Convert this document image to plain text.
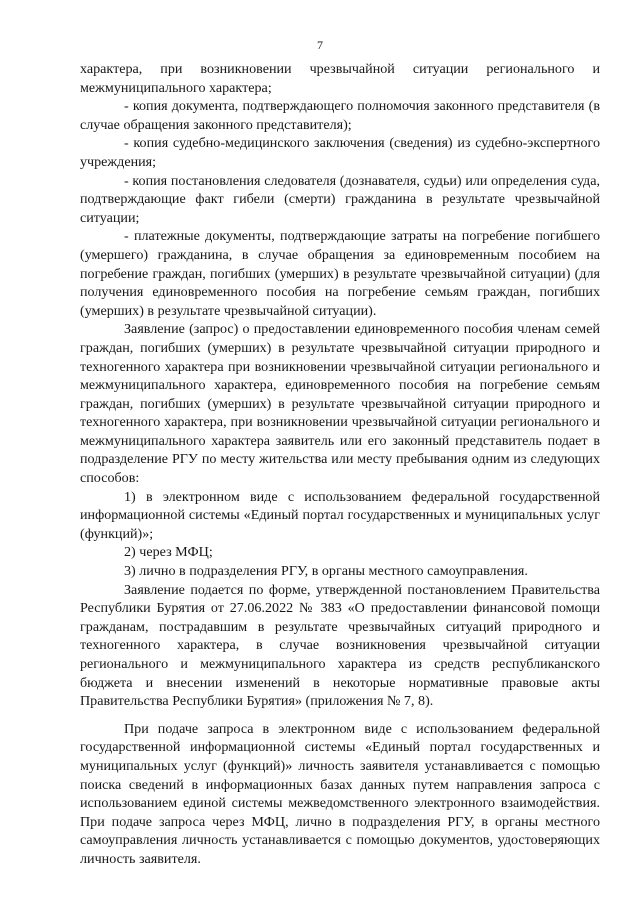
7

характера, при возникновении чрезвычайной ситуации регионального и межмуниципального характера;

- копия документа, подтверждающего полномочия законного представителя (в случае обращения законного представителя);

- копия судебно-медицинского заключения (сведения) из судебно-экспертного учреждения;

- копия постановления следователя (дознавателя, судьи) или определения суда, подтверждающие факт гибели (смерти) гражданина в результате чрезвычайной ситуации;

- платежные документы, подтверждающие затраты на погребение погибшего (умершего) гражданина, в случае обращения за единовременным пособием на погребение граждан, погибших (умерших) в результате чрезвычайной ситуации) (для получения единовременного пособия на погребение семьям граждан, погибших (умерших) в результате чрезвычайной ситуации).

Заявление (запрос) о предоставлении единовременного пособия членам семей граждан, погибших (умерших) в результате чрезвычайной ситуации природного и техногенного характера при возникновении чрезвычайной ситуации регионального и межмуниципального характера, единовременного пособия на погребение семьям граждан, погибших (умерших) в результате чрезвычайной ситуации природного и техногенного характера, при возникновении чрезвычайной ситуации регионального и межмуниципального характера заявитель или его законный представитель подает в подразделение РГУ по месту жительства или месту пребывания одним из следующих способов:

1) в электронном виде с использованием федеральной государственной информационной системы «Единый портал государственных и муниципальных услуг (функций)»;

2) через МФЦ;

3) лично в подразделения РГУ, в органы местного самоуправления.

Заявление подается по форме, утвержденной постановлением Правительства Республики Бурятия от 27.06.2022 № 383 «О предоставлении финансовой помощи гражданам, пострадавшим в результате чрезвычайных ситуаций природного и техногенного характера, в случае возникновения чрезвычайной ситуации регионального и межмуниципального характера из средств республиканского бюджета и внесении изменений в некоторые нормативные правовые акты Правительства Республики Бурятия» (приложения № 7, 8).

При подаче запроса в электронном виде с использованием федеральной государственной информационной системы «Единый портал государственных и муниципальных услуг (функций)» личность заявителя устанавливается с помощью поиска сведений в информационных базах данных путем направления запроса с использованием единой системы межведомственного электронного взаимодействия. При подаче запроса через МФЦ, лично в подразделения РГУ, в органы местного самоуправления личность устанавливается с помощью документов, удостоверяющих личность заявителя.
